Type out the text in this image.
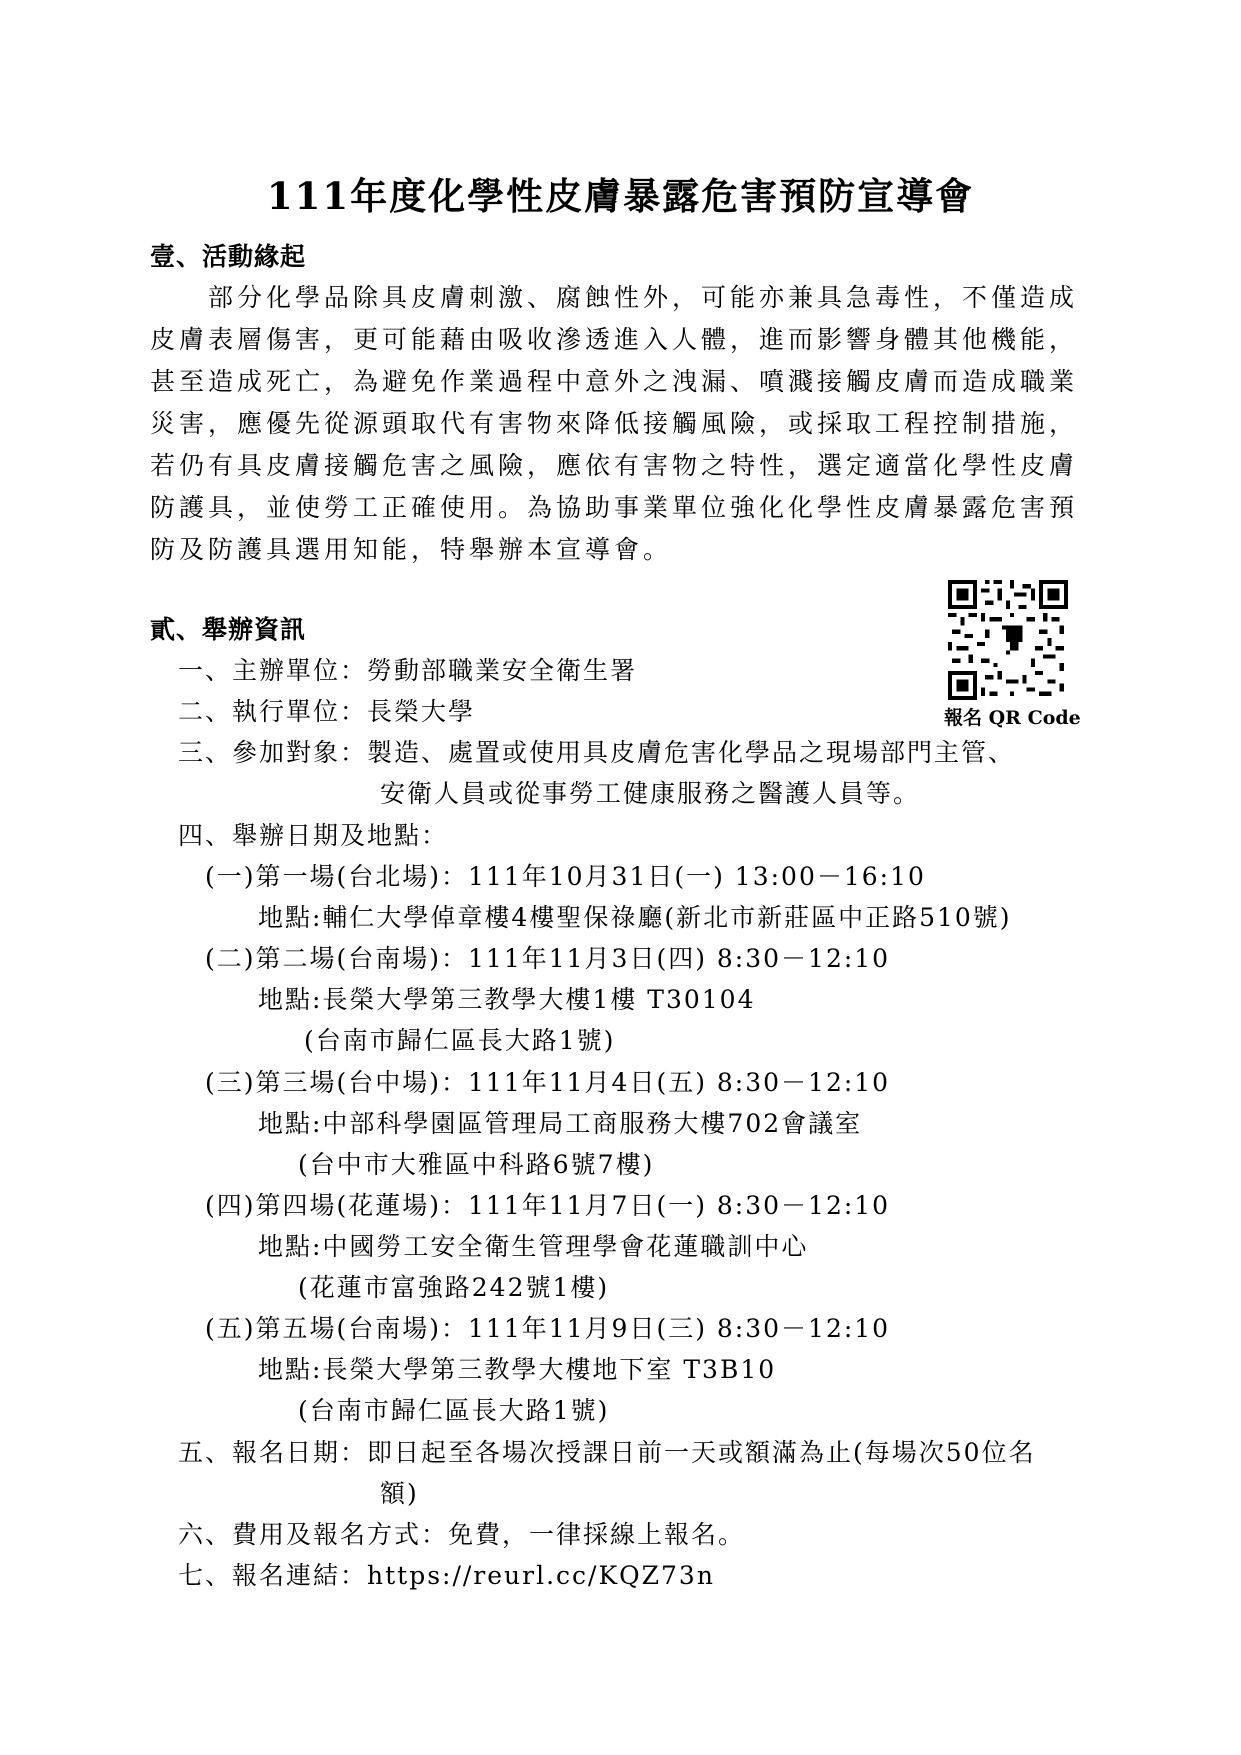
111年度化學性皮膚暴露危害預防宣導會
壹、活動緣起
部分化學品除具皮膚刺激、腐蝕性外，可能亦兼具急毒性，不僅造成
皮膚表層傷害，更可能藉由吸收滲透進入人體，進而影響身體其他機能，
甚至造成死亡，為避免作業過程中意外之洩漏、噴濺接觸皮膚而造成職業
災害，應優先從源頭取代有害物來降低接觸風險，或採取工程控制措施，
若仍有具皮膚接觸危害之風險，應依有害物之特性，選定適當化學性皮膚
防護具，並使勞工正確使用。為協助事業單位強化化學性皮膚暴露危害預
防及防護具選用知能，特舉辦本宣導會。
報名 QR Code
貳、舉辦資訊
一、主辦單位：勞動部職業安全衛生署
二、執行單位：長榮大學
三、參加對象：製造、處置或使用具皮膚危害化學品之現場部門主管、
安衛人員或從事勞工健康服務之醫護人員等。
四、舉辦日期及地點：
(一)第一場(台北場)：111年10月31日(一) 13:00－16:10
地點:輔仁大學倬章樓4樓聖保祿廳(新北市新莊區中正路510號)
(二)第二場(台南場)：111年11月3日(四) 8:30－12:10
地點:長榮大學第三教學大樓1樓 T30104
(台南市歸仁區長大路1號)
(三)第三場(台中場)：111年11月4日(五) 8:30－12:10
地點:中部科學園區管理局工商服務大樓702會議室
(台中市大雅區中科路6號7樓)
(四)第四場(花蓮場)：111年11月7日(一) 8:30－12:10
地點:中國勞工安全衛生管理學會花蓮職訓中心
(花蓮市富強路242號1樓)
(五)第五場(台南場)：111年11月9日(三) 8:30－12:10
地點:長榮大學第三教學大樓地下室 T3B10
(台南市歸仁區長大路1號)
五、報名日期：即日起至各場次授課日前一天或額滿為止(每場次50位名
額)
六、費用及報名方式：免費，一律採線上報名。
七、報名連結：https://reurl.cc/KQZ73n
